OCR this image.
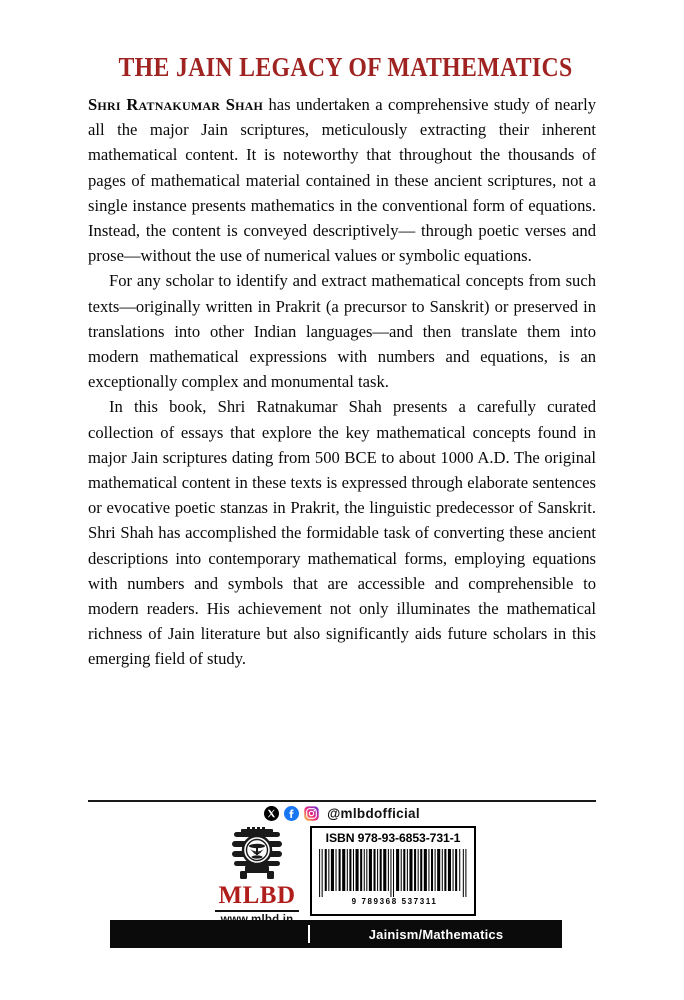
THE JAIN LEGACY OF MATHEMATICS

Shri Ratnakumar Shah has undertaken a comprehensive study of nearly all the major Jain scriptures, meticulously extracting their inherent mathematical content. It is noteworthy that throughout the thousands of pages of mathematical material contained in these ancient scriptures, not a single instance presents mathematics in the conventional form of equations. Instead, the content is conveyed descriptively— through poetic verses and prose—without the use of numerical values or symbolic equations.

For any scholar to identify and extract mathematical concepts from such texts—originally written in Prakrit (a precursor to Sanskrit) or preserved in translations into other Indian languages—and then translate them into modern mathematical expressions with numbers and equations, is an exceptionally complex and monumental task.

In this book, Shri Ratnakumar Shah presents a carefully curated collection of essays that explore the key mathematical concepts found in major Jain scriptures dating from 500 BCE to about 1000 A.D. The original mathematical content in these texts is expressed through elaborate sentences or evocative poetic stanzas in Prakrit, the linguistic predecessor of Sanskrit. Shri Shah has accomplished the formidable task of converting these ancient descriptions into contemporary mathematical forms, employing equations with numbers and symbols that are accessible and comprehensible to modern readers. His achievement not only illuminates the mathematical richness of Jain literature but also significantly aids future scholars in this emerging field of study.

@mlbdofficial
MLBD
ISBN 978-93-6853-731-1
9 789368 537311
Jainism/Mathematics
